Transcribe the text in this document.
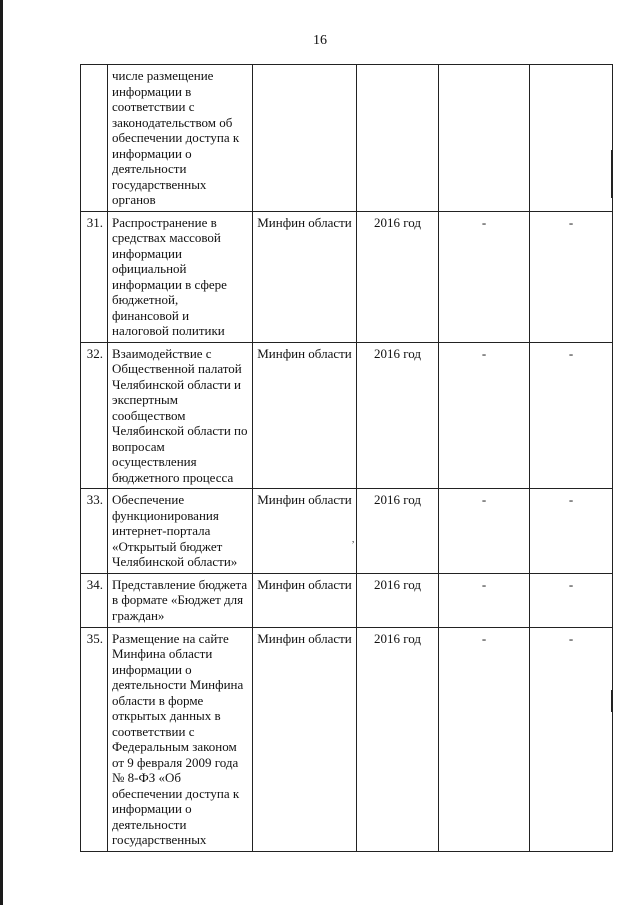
16
	числе размещение информации в соответствии с законодательством об обеспечении доступа к информации о деятельности государственных органов				
31.	Распространение в средствах массовой информации официальной информации в сфере бюджетной, финансовой и налоговой политики	Минфин области	2016 год	-	-
32.	Взаимодействие с Общественной палатой Челябинской области и экспертным сообществом Челябинской области по вопросам осуществления бюджетного процесса	Минфин области	2016 год	-	-
33.	Обеспечение функционирования интернет-портала «Открытый бюджет Челябинской области»	Минфин области	2016 год	-	-
34.	Представление бюджета в формате «Бюджет для граждан»	Минфин области	2016 год	-	-
35.	Размещение на сайте Минфина области информации о деятельности Минфина области в форме открытых данных в соответствии с Федеральным законом от 9 февраля 2009 года № 8-ФЗ «Об обеспечении доступа к информации о деятельности государственных	Минфин области	2016 год	-	-
,
